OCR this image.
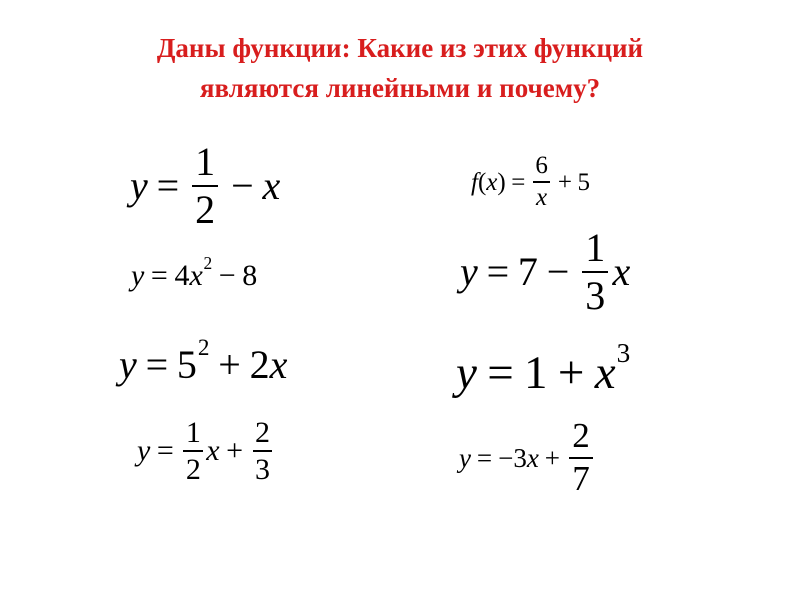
Даны функции: Какие из этих функций
являются линейными и почему?
$y = \frac{1}{2} - x$
y = 4 $x^2 - 8$
$y = 5^2 + 2$ x
$y = \frac{1}{2}$ $x + \frac{2}{3}$
f ( x ) = $\frac{6}{x} + 5$
$y = 7 - \frac{1}{3}$ x
$y = 1 + x^3$
y = −3 $x + \frac{2}{7}$
